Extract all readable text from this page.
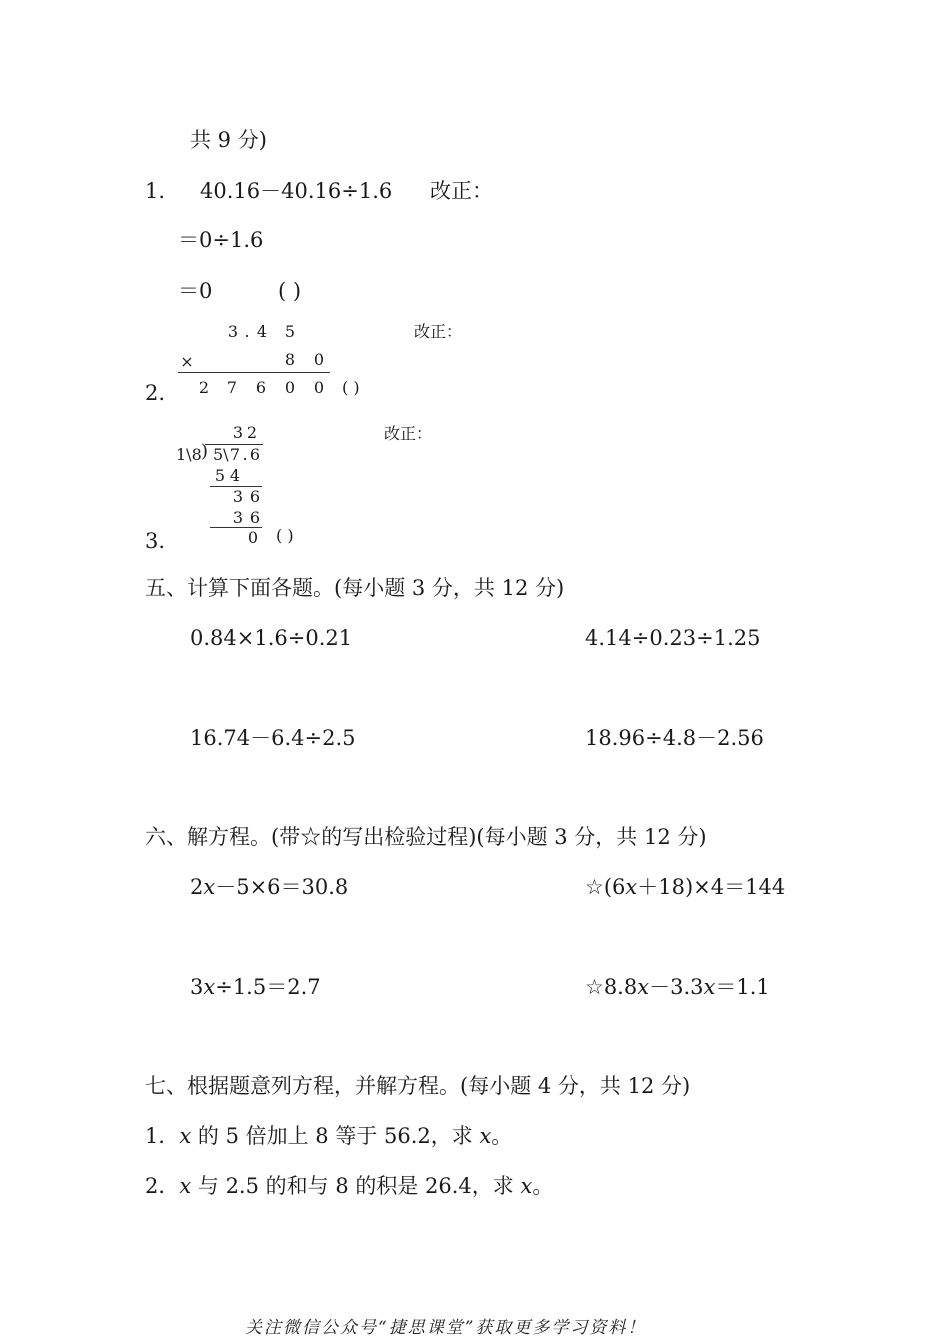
共 9 分)
1. 40.16－40.16÷1.6 改正：
＝0÷1.6
＝0	( )
3 . 4 5
×	8 0
2 7 6 0 0 ( )
改正：
2.
3 2
1\8 ) 5\ 7 . 6
5 4
3 6
3 6
0 ( )
改正：
3.
五、计算下面各题。(每小题 3 分，共 12 分)
0.84×1.6÷0.21	4.14÷0.23÷1.25
16.74－6.4÷2.5	18.96÷4.8－2.56
六、解方程。(带☆的写出检验过程)(每小题 3 分，共 12 分)
2x－5×6＝30.8	☆(6x＋18)×4＝144
3x÷1.5＝2.7	☆8.8x－3.3x＝1.1
七、根据题意列方程，并解方程。(每小题 4 分，共 12 分)
1．x 的 5 倍加上 8 等于 56.2，求 x。
2．x 与 2.5 的和与 8 的积是 26.4，求 x。
关注微信公众号“捷思课堂”获取更多学习资料！
